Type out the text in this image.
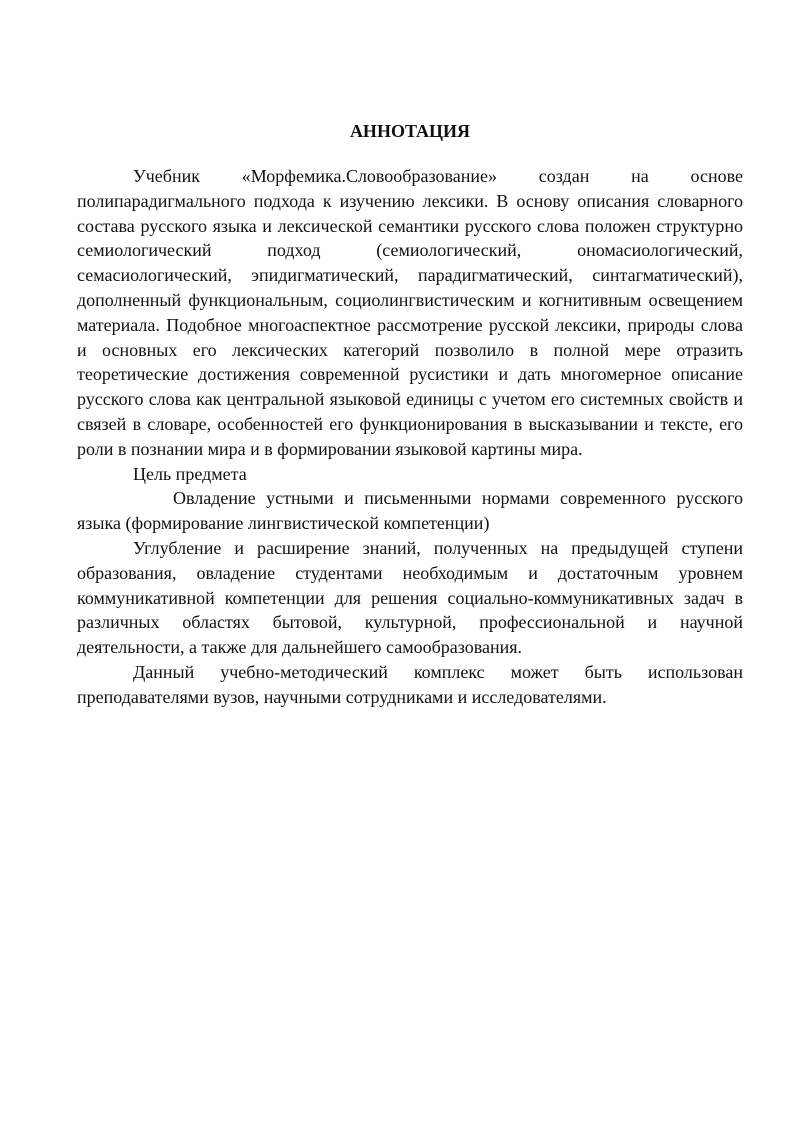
АННОТАЦИЯ

Учебник «Морфемика.Словообразование» создан на основе полипарадигмального подхода к изучению лексики. В основу описания словарного состава русского языка и лексической семантики русского слова положен структурно семиологический подход (семиологический, ономасиологический, семасиологический, эпидигматический, парадигматический, синтагматический), дополненный функциональным, социолингвистическим и когнитивным освещением материала. Подобное многоаспектное рассмотрение русской лексики, природы слова и основных его лексических категорий позволило в полной мере отразить теоретические достижения современной русистики и дать многомерное описание русского слова как центральной языковой единицы с учетом его системных свойств и связей в словаре, особенностей его функционирования в высказывании и тексте, его роли в познании мира и в формировании языковой картины мира.

Цель предмета

Овладение устными и письменными нормами современного русского языка (формирование лингвистической компетенции)

Углубление и расширение знаний, полученных на предыдущей ступени образования, овладение студентами необходимым и достаточным уровнем коммуникативной компетенции для решения социально-коммуникативных задач в различных областях бытовой, культурной, профессиональной и научной деятельности, а также для дальнейшего самообразования.

Данный учебно-методический комплекс может быть использован преподавателями вузов, научными сотрудниками и исследователями.
